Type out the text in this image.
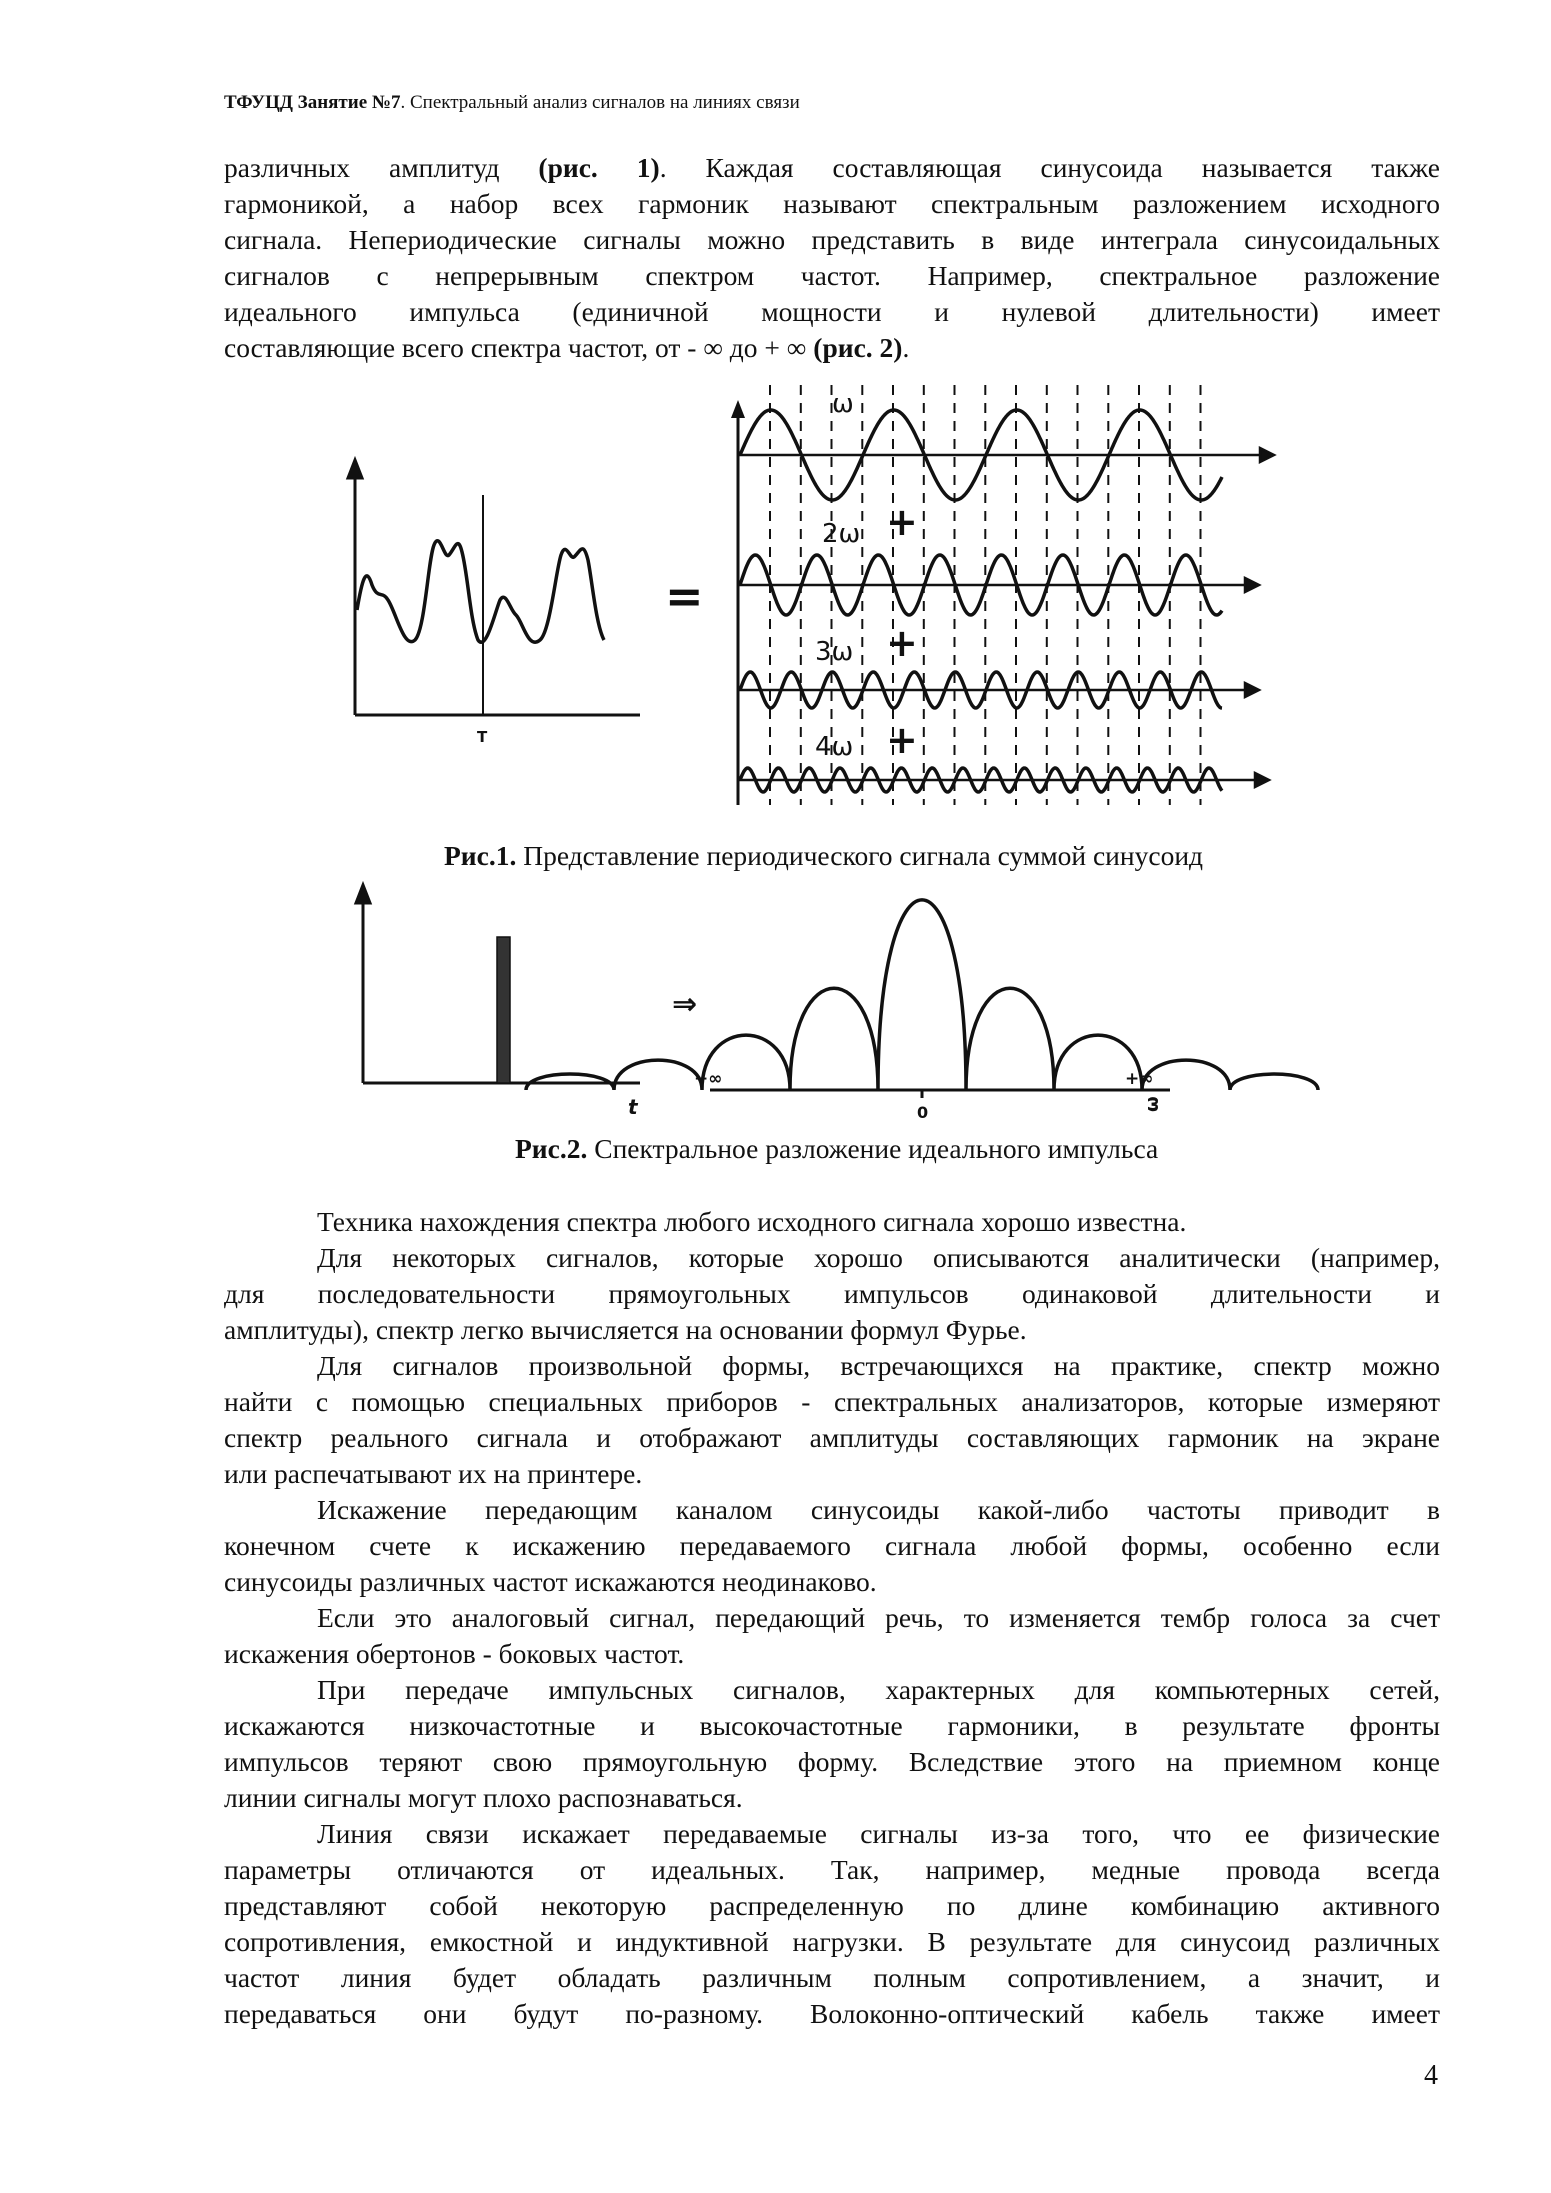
ТФУЦД Занятие №7. Спектральный анализ сигналов на линиях связи
различных амплитуд (рис. 1). Каждая составляющая синусоида называется также
гармоникой, а набор всех гармоник называют спектральным разложением исходного
сигнала. Непериодические сигналы можно представить в виде интеграла синусоидальных
сигналов с непрерывным спектром частот. Например, спектральное разложение
идеального импульса (единичной мощности и нулевой длительности) имеет
составляющие всего спектра частот, от - ∞ до + ∞ (рис. 2).
T
=
ω
2ω
3ω
4ω
+
+
+
t
⇒
−∞	+∞
0	ω
Рис.1. Представление периодического сигнала суммой синусоид
Рис.2. Спектральное разложение идеального импульса
Техника нахождения спектра любого исходного сигнала хорошо известна.
Для некоторых сигналов, которые хорошо описываются аналитически (например,
для последовательности прямоугольных импульсов одинаковой длительности и
амплитуды), спектр легко вычисляется на основании формул Фурье.
Для сигналов произвольной формы, встречающихся на практике, спектр можно
найти с помощью специальных приборов - спектральных анализаторов, которые измеряют
спектр реального сигнала и отображают амплитуды составляющих гармоник на экране
или распечатывают их на принтере.
Искажение передающим каналом синусоиды какой-либо частоты приводит в
конечном счете к искажению передаваемого сигнала любой формы, особенно если
синусоиды различных частот искажаются неодинаково.
Если это аналоговый сигнал, передающий речь, то изменяется тембр голоса за счет
искажения обертонов - боковых частот.
При передаче импульсных сигналов, характерных для компьютерных сетей,
искажаются низкочастотные и высокочастотные гармоники, в результате фронты
импульсов теряют свою прямоугольную форму. Вследствие этого на приемном конце
линии сигналы могут плохо распознаваться.
Линия связи искажает передаваемые сигналы из-за того, что ее физические
параметры отличаются от идеальных. Так, например, медные провода всегда
представляют собой некоторую распределенную по длине комбинацию активного
сопротивления, емкостной и индуктивной нагрузки. В результате для синусоид различных
частот линия будет обладать различным полным сопротивлением, а значит, и
передаваться они будут по-разному. Волоконно-оптический кабель также имеет
4
